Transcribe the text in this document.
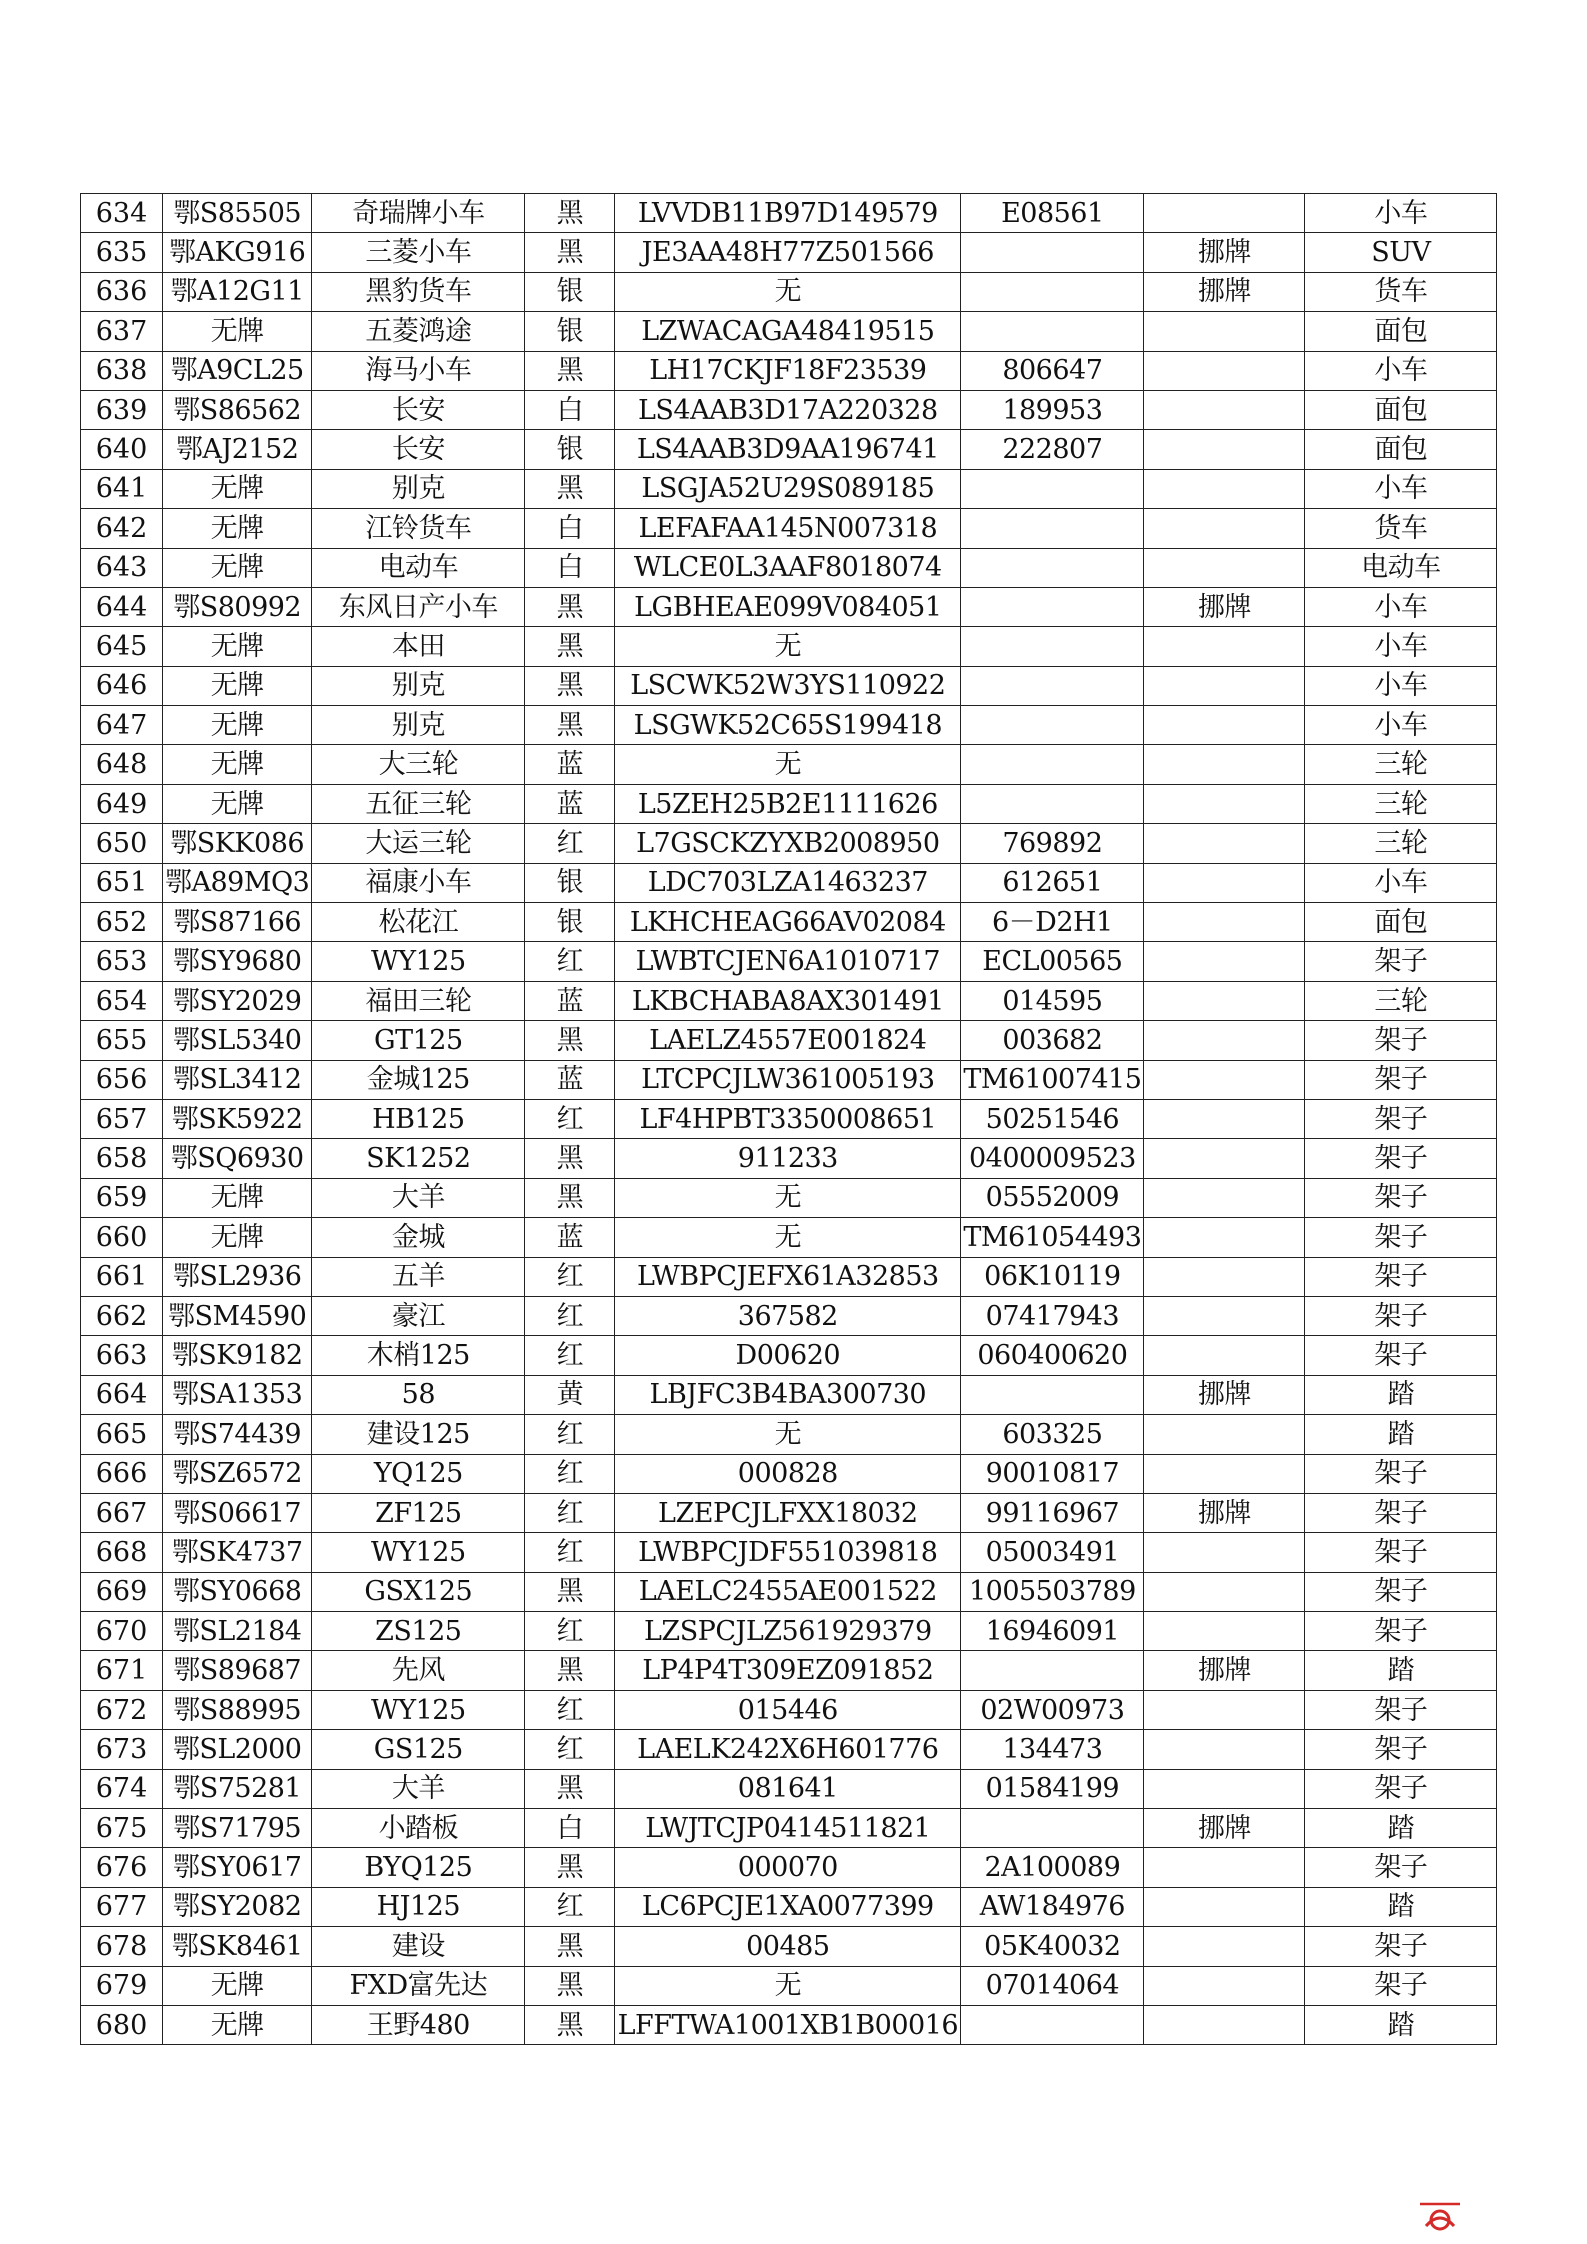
634	鄂S85505	奇瑞牌小车	黑	LVVDB11B97D149579	E08561		小车
635	鄂AKG916	三菱小车	黑	JE3AA48H77Z501566		挪牌	SUV
636	鄂A12G11	黑豹货车	银	无		挪牌	货车
637	无牌	五菱鸿途	银	LZWACAGA48419515			面包
638	鄂A9CL25	海马小车	黑	LH17CKJF18F23539	806647		小车
639	鄂S86562	长安	白	LS4AAB3D17A220328	189953		面包
640	鄂AJ2152	长安	银	LS4AAB3D9AA196741	222807		面包
641	无牌	别克	黑	LSGJA52U29S089185			小车
642	无牌	江铃货车	白	LEFAFAA145N007318			货车
643	无牌	电动车	白	WLCE0L3AAF8018074			电动车
644	鄂S80992	东风日产小车	黑	LGBHEAE099V084051		挪牌	小车
645	无牌	本田	黑	无			小车
646	无牌	别克	黑	LSCWK52W3YS110922			小车
647	无牌	别克	黑	LSGWK52C65S199418			小车
648	无牌	大三轮	蓝	无			三轮
649	无牌	五征三轮	蓝	L5ZEH25B2E1111626			三轮
650	鄂SKK086	大运三轮	红	L7GSCKZYXB2008950	769892		三轮
651	鄂A89MQ3	福康小车	银	LDC703LZA1463237	612651		小车
652	鄂S87166	松花江	银	LKHCHEAG66AV02084	6－D2H1		面包
653	鄂SY9680	WY125	红	LWBTCJEN6A1010717	ECL00565		架子
654	鄂SY2029	福田三轮	蓝	LKBCHABA8AX301491	014595		三轮
655	鄂SL5340	GT125	黑	LAELZ4557E001824	003682		架子
656	鄂SL3412	金城125	蓝	LTCPCJLW361005193	TM61007415		架子
657	鄂SK5922	HB125	红	LF4HPBT3350008651	50251546		架子
658	鄂SQ6930	SK1252	黑	911233	0400009523		架子
659	无牌	大羊	黑	无	05552009		架子
660	无牌	金城	蓝	无	TM61054493		架子
661	鄂SL2936	五羊	红	LWBPCJEFX61A32853	06K10119		架子
662	鄂SM4590	豪江	红	367582	07417943		架子
663	鄂SK9182	木梢125	红	D00620	060400620		架子
664	鄂SA1353	58	黄	LBJFC3B4BA300730		挪牌	踏
665	鄂S74439	建设125	红	无	603325		踏
666	鄂SZ6572	YQ125	红	000828	90010817		架子
667	鄂S06617	ZF125	红	LZEPCJLFXX18032	99116967	挪牌	架子
668	鄂SK4737	WY125	红	LWBPCJDF551039818	05003491		架子
669	鄂SY0668	GSX125	黑	LAELC2455AE001522	1005503789		架子
670	鄂SL2184	ZS125	红	LZSPCJLZ561929379	16946091		架子
671	鄂S89687	先风	黑	LP4P4T309EZ091852		挪牌	踏
672	鄂S88995	WY125	红	015446	02W00973		架子
673	鄂SL2000	GS125	红	LAELK242X6H601776	134473		架子
674	鄂S75281	大羊	黑	081641	01584199		架子
675	鄂S71795	小踏板	白	LWJTCJP0414511821		挪牌	踏
676	鄂SY0617	BYQ125	黑	000070	2A100089		架子
677	鄂SY2082	HJ125	红	LC6PCJE1XA0077399	AW184976		踏
678	鄂SK8461	建设	黑	00485	05K40032		架子
679	无牌	FXD富先达	黑	无	07014064		架子
680	无牌	王野480	黑	LFFTWA1001XB1B00016			踏
